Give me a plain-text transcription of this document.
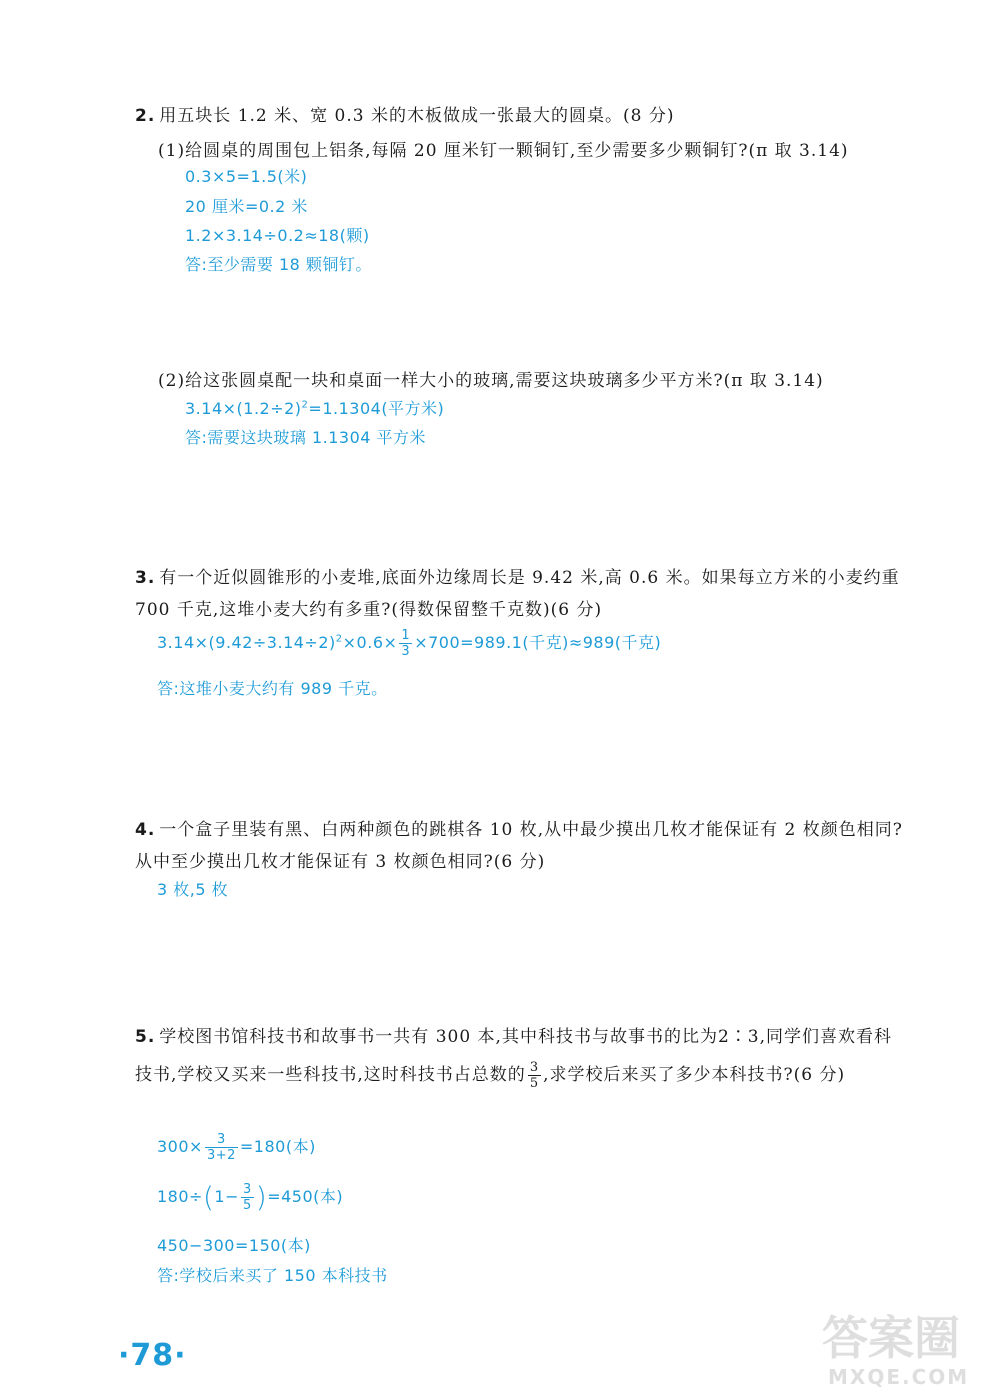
2. 用五块长 1.2 米、宽 0.3 米的木板做成一张最大的圆桌。(8 分)
(1)给圆桌的周围包上铝条,每隔 20 厘米钉一颗铜钉,至少需要多少颗铜钉?(π 取 3.14)
0.3×5=1.5(米)
20 厘米=0.2 米
1.2×3.14÷0.2≈18(颗)
答:至少需要 18 颗铜钉。
(2)给这张圆桌配一块和桌面一样大小的玻璃,需要这块玻璃多少平方米?(π 取 3.14)
$3.14\times(1.2\div 2)^2=1.1304$(平方米)
答:需要这块玻璃 1.1304 平方米
3. 有一个近似圆锥形的小麦堆,底面外边缘周长是 9.42 米,高 0.6 米。如果每立方米的小麦约重 700 千克,这堆小麦大约有多重?(得数保留整千克数)(6 分)
$3.14\times(9.42\div 3.14\div 2)^2\times 0.6\times \frac{1}{3} \times 700=989.1$(千克)≈989(千克)
答:这堆小麦大约有 989 千克。
4. 一个盒子里装有黑、白两种颜色的跳棋各 10 枚,从中最少摸出几枚才能保证有 2 枚颜色相同?从中至少摸出几枚才能保证有 3 枚颜色相同?(6 分)
3 枚,5 枚
5. 学校图书馆科技书和故事书一共有 300 本,其中科技书与故事书的比为2∶3,同学们喜欢看科技书,学校又买来一些科技书,这时科技书占总数的 $\frac{3}{5}$ ,求学校后来买了多少本科技书?(6 分)
$300\times \frac{3}{3+2} =180$(本)
$180\div(1- \frac{3}{5} )=450$(本)
450−300=150(本)
答:学校后来买了 150 本科技书
·78·	答案圈
MXQE.COM
